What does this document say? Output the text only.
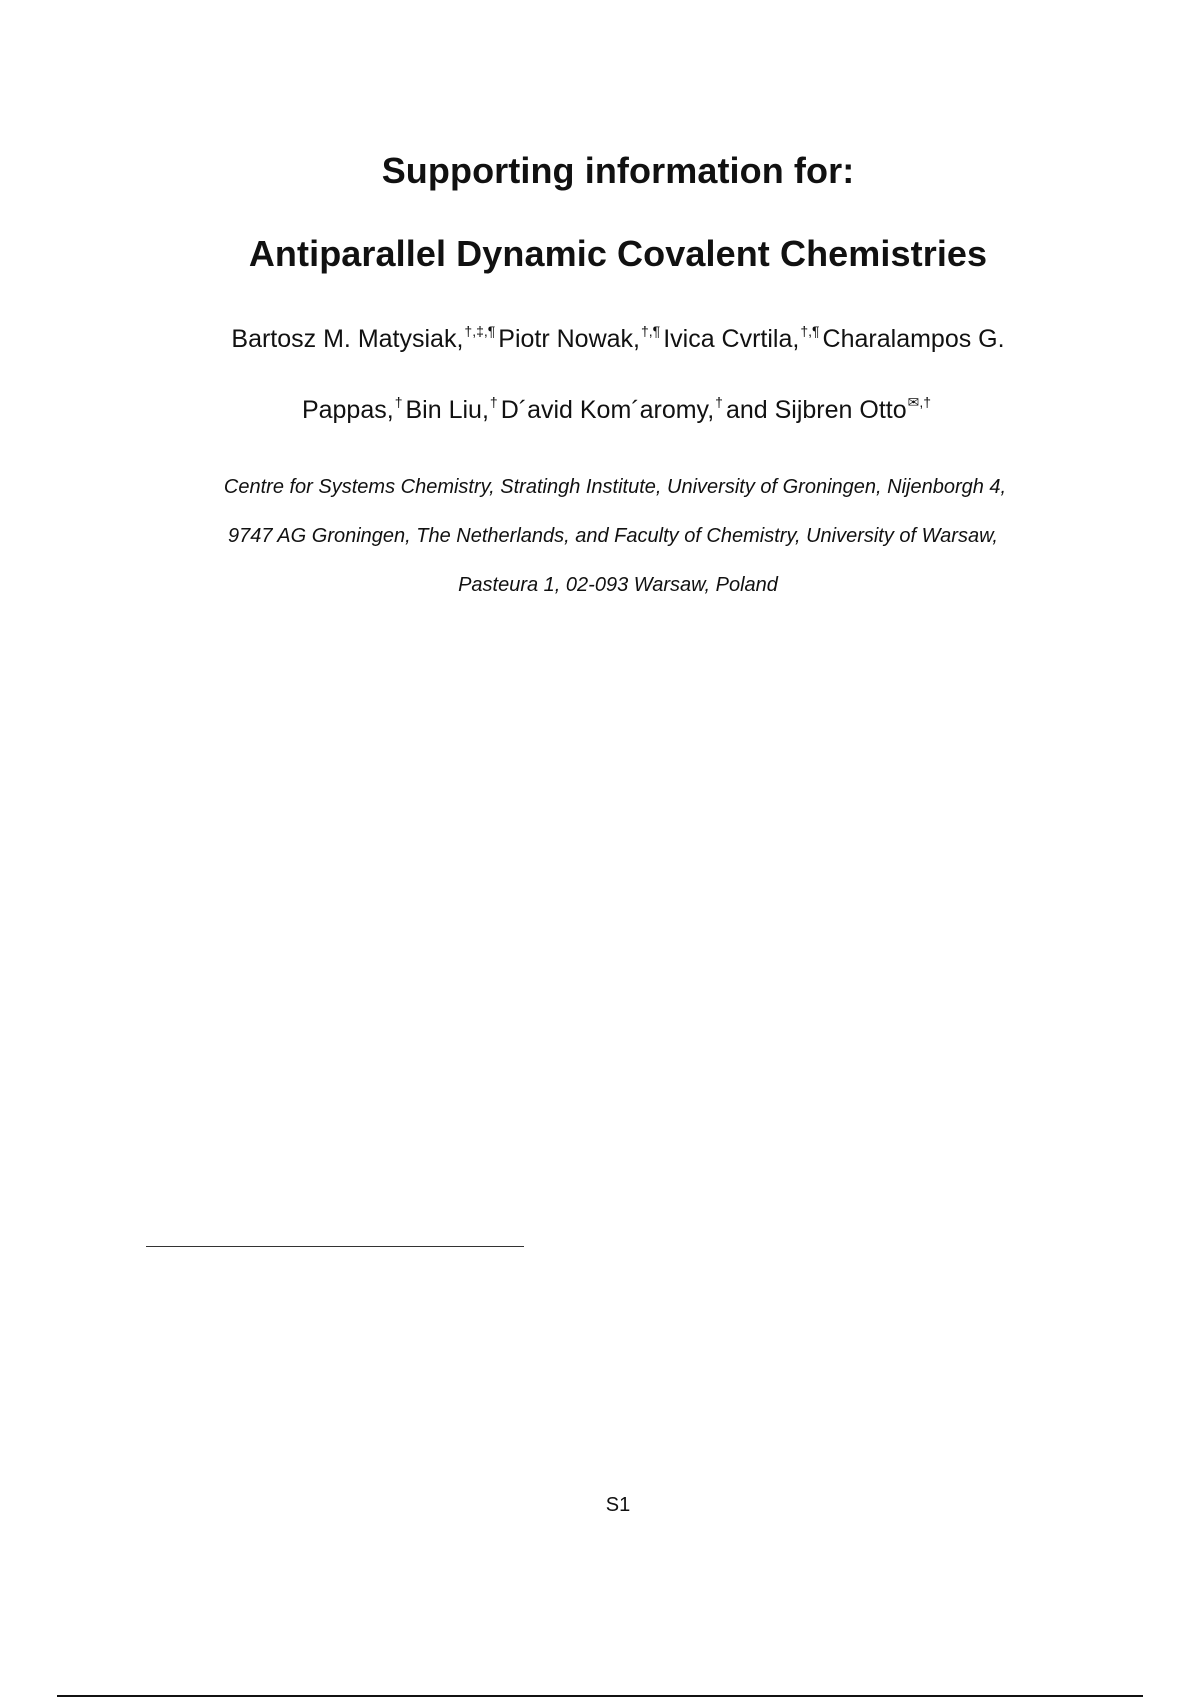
Supporting information for:
Antiparallel Dynamic Covalent Chemistries
Bartosz M. Matysiak,†,‡,¶ Piotr Nowak,†,¶ Ivica Cvrtila,†,¶ Charalampos G.
Pappas,† Bin Liu,† D´avid Kom´aromy,† and Sijbren Otto✉,†
Centre for Systems Chemistry, Stratingh Institute, University of Groningen, Nijenborgh 4,
9747 AG Groningen, The Netherlands, and Faculty of Chemistry, University of Warsaw,
Pasteura 1, 02-093 Warsaw, Poland
S1
